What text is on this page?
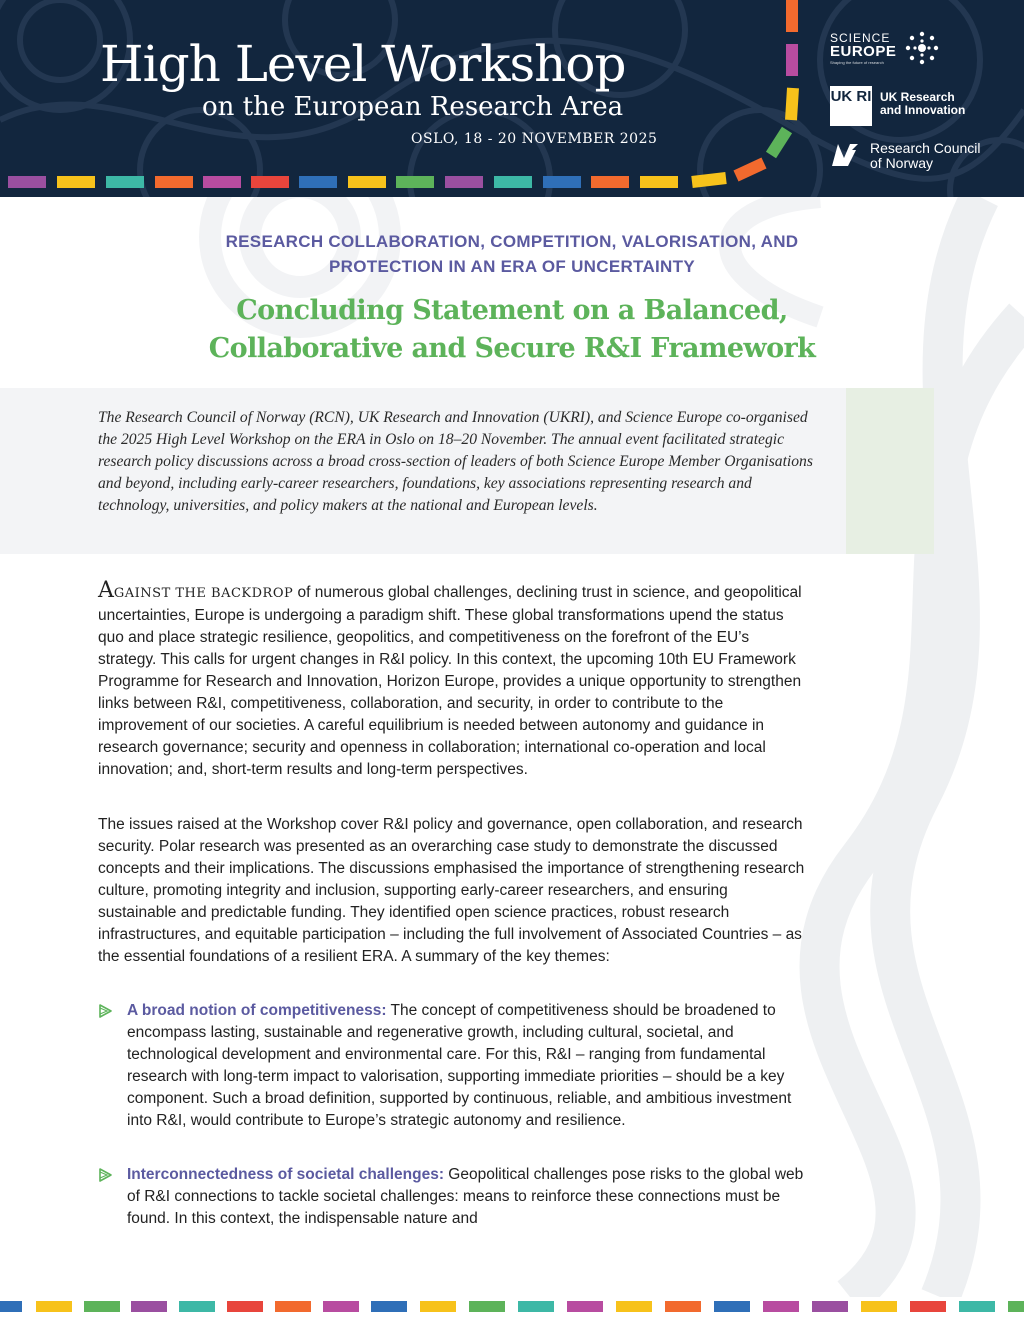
High Level Workshop
on the European Research Area
OSLO, 18 - 20 NOVEMBER 2025
SCIENCE
EUROPE
Shaping the future of research
UK RI UK Research
and Innovation
Research Council
of Norway
RESEARCH COLLABORATION, COMPETITION, VALORISATION, AND
PROTECTION IN AN ERA OF UNCERTAINTY
Concluding Statement on a Balanced,
Collaborative and Secure R&I Framework
The Research Council of Norway (RCN), UK Research and Innovation (UKRI), and Science Europe co-organised the 2025 High Level Workshop on the ERA in Oslo on 18–20 November. The annual event facilitated strategic research policy discussions across a broad cross-section of leaders of both Science Europe Member Organisations and beyond, including early-career researchers, foundations, key associations representing research and technology, universities, and policy makers at the national and European levels.
AGAINST THE BACKDROP of numerous global challenges, declining trust in science, and geopolitical uncertainties, Europe is undergoing a paradigm shift. These global transformations upend the status quo and place strategic resilience, geopolitics, and competitiveness on the forefront of the EU’s strategy. This calls for urgent changes in R&I policy. In this context, the upcoming 10th EU Framework Programme for Research and Innovation, Horizon Europe, provides a unique opportunity to strengthen links between R&I, competitiveness, collaboration, and security, in order to contribute to the improvement of our societies. A careful equilibrium is needed between autonomy and guidance in research governance; security and openness in collaboration; international co-operation and local innovation; and, short-term results and long-term perspectives.
The issues raised at the Workshop cover R&I policy and governance, open collaboration, and research security. Polar research was presented as an overarching case study to demonstrate the discussed concepts and their implications. The discussions emphasised the importance of strengthening research culture, promoting integrity and inclusion, supporting early-career researchers, and ensuring sustainable and predictable funding. They identified open science practices, robust research infrastructures, and equitable participation – including the full involvement of Associated Countries – as the essential foundations of a resilient ERA. A summary of the key themes:
A broad notion of competitiveness: The concept of competitiveness should be broadened to encompass lasting, sustainable and regenerative growth, including cultural, societal, and technological development and environmental care. For this, R&I – ranging from fundamental research with long-term impact to valorisation, supporting immediate priorities – should be a key component. Such a broad definition, supported by continuous, reliable, and ambitious investment into R&I, would contribute to Europe’s strategic autonomy and resilience.
Interconnectedness of societal challenges: Geopolitical challenges pose risks to the global web of R&I connections to tackle societal challenges: means to reinforce these connections must be found. In this context, the indispensable nature and
